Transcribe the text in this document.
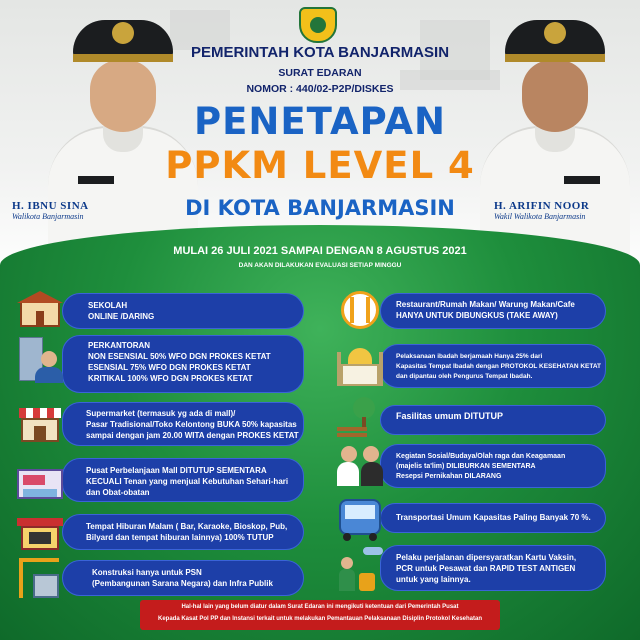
H. IBNU SINA
Walikota Banjarmasin
H. ARIFIN NOOR
Wakil Walikota Banjarmasin
PEMERINTAH KOTA BANJARMASIN
SURAT EDARAN
NOMOR : 440/02-P2P/DISKES
PENETAPAN
PPKM LEVEL 4
DI KOTA BANJARMASIN
MULAI 26 JULI 2021 SAMPAI DENGAN 8 AGUSTUS 2021
DAN AKAN DILAKUKAN EVALUASI SETIAP MINGGU
SEKOLAH
ONLINE /DARING
PERKANTORAN
NON ESENSIAL 50% WFO DGN PROKES KETAT
ESENSIAL 75% WFO DGN PROKES KETAT
KRITIKAL 100% WFO DGN PROKES KETAT
Supermarket (termasuk yg ada di mall)/
Pasar Tradisional/Toko Kelontong BUKA 50% kapasitas
sampai dengan jam 20.00 WITA dengan PROKES KETAT
Pusat Perbelanjaan Mall DITUTUP SEMENTARA
KECUALI Tenan yang menjual Kebutuhan Sehari-hari
dan Obat-obatan
Tempat Hiburan Malam ( Bar, Karaoke, Bioskop, Pub,
Bilyard dan tempat hiburan lainnya) 100% TUTUP
Konstruksi hanya untuk PSN
(Pembangunan Sarana Negara) dan Infra Publik
Restaurant/Rumah Makan/ Warung Makan/Cafe
HANYA UNTUK DIBUNGKUS (TAKE AWAY)
Pelaksanaan ibadah berjamaah Hanya 25% dari
Kapasitas Tempat Ibadah dengan PROTOKOL KESEHATAN KETAT
dan dipantau oleh Pengurus Tempat Ibadah.
Fasilitas umum DITUTUP
Kegiatan Sosial/Budaya/Olah raga dan Keagamaan
(majelis ta'lim) DILIBURKAN SEMENTARA
Resepsi Pernikahan DILARANG
Transportasi Umum Kapasitas Paling Banyak 70 %.
Pelaku perjalanan dipersyaratkan Kartu Vaksin,
PCR untuk Pesawat dan RAPID TEST ANTIGEN
untuk yang lainnya.
Hal-hal lain yang belum diatur dalam Surat Edaran ini mengikuti ketentuan dari Pemerintah Pusat
Kepada Kasat Pol PP dan Instansi terkait untuk melakukan Pemantauan Pelaksanaan Disiplin Protokol Kesehatan
